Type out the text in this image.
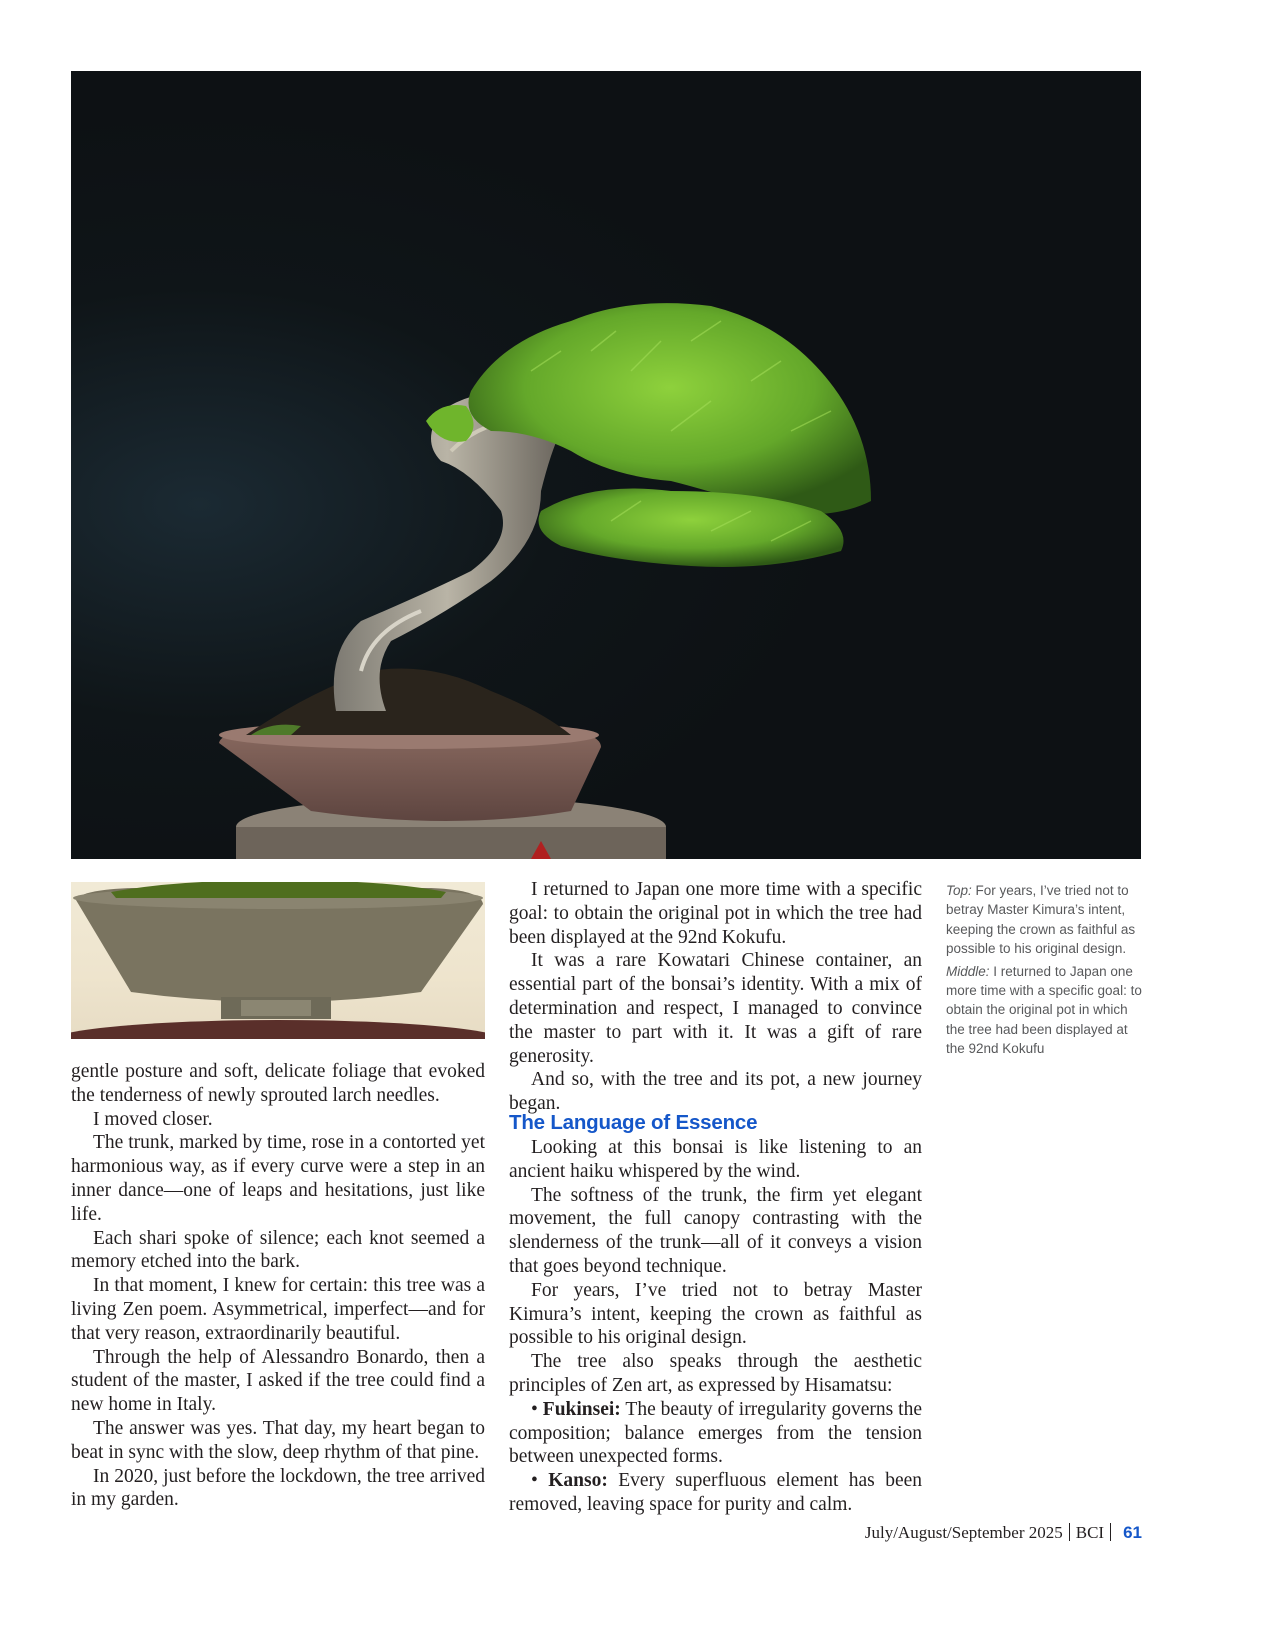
Top: For years, I’ve tried not to betray Master Kimura’s intent, keeping the crown as faithful as possible to his original design.

Middle: I returned to Japan one more time with a specific goal: to obtain the original pot in which the tree had been displayed at the 92nd Kokufu

gentle posture and soft, delicate foliage that evoked the tenderness of newly sprouted larch needles.

I moved closer.

The trunk, marked by time, rose in a contorted yet harmonious way, as if every curve were a step in an inner dance—one of leaps and hesitations, just like life.

Each shari spoke of silence; each knot seemed a memory etched into the bark.

In that moment, I knew for certain: this tree was a living Zen poem. Asymmetrical, imperfect—and for that very reason, extraordinarily beautiful.

Through the help of Alessandro Bonardo, then a student of the master, I asked if the tree could find a new home in Italy.

The answer was yes. That day, my heart began to beat in sync with the slow, deep rhythm of that pine.

In 2020, just before the lockdown, the tree arrived in my garden.

I returned to Japan one more time with a specific goal: to obtain the original pot in which the tree had been displayed at the 92nd Kokufu.

It was a rare Kowatari Chinese container, an essential part of the bonsai’s identity. With a mix of determination and respect, I managed to convince the master to part with it. It was a gift of rare generosity.

And so, with the tree and its pot, a new journey began.

The Language of Essence

Looking at this bonsai is like listening to an ancient haiku whispered by the wind.

The softness of the trunk, the firm yet elegant movement, the full canopy contrasting with the slenderness of the trunk—all of it conveys a vision that goes beyond technique.

For years, I’ve tried not to betray Master Kimura’s intent, keeping the crown as faithful as possible to his original design.

The tree also speaks through the aesthetic principles of Zen art, as expressed by Hisamatsu:

• Fukinsei: The beauty of irregularity governs the composition; balance emerges from the tension between unexpected forms.

• Kanso: Every superfluous element has been removed, leaving space for purity and calm.

July/August/September 2025 BCI 61
